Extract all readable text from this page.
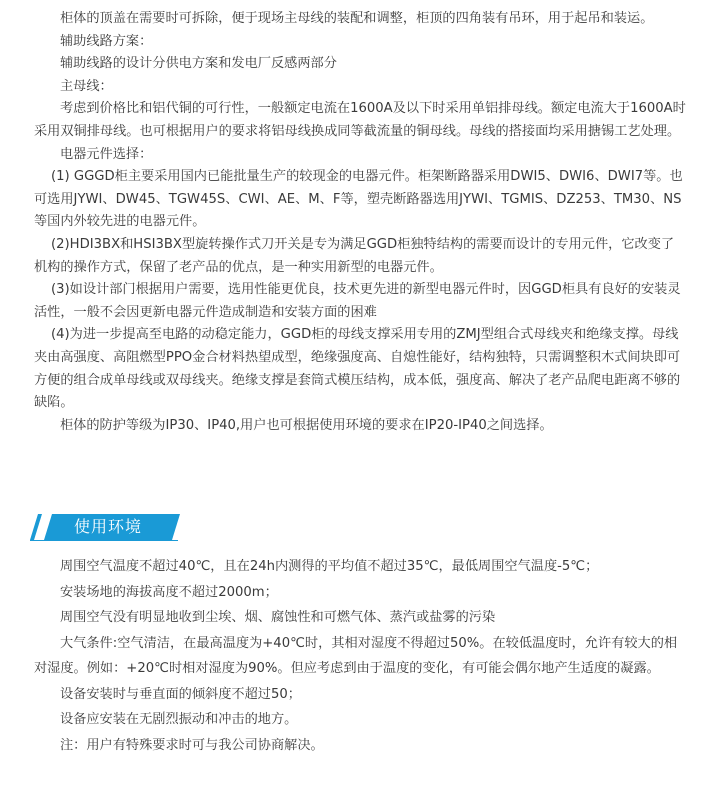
柜体的顶盖在需要时可拆除，便于现场主母线的装配和调整，柜顶的四角装有吊环，用于起吊和装运。

辅助线路方案：

辅助线路的设计分供电方案和发电厂反感两部分

主母线：

考虑到价格比和铝代铜的可行性，一般额定电流在1600A及以下时采用单铝排母线。额定电流大于1600A时采用双铜排母线。也可根据用户的要求将铝母线换成同等截流量的铜母线。母线的搭接面均采用搪锡工艺处理。

电器元件选择：

(1) GGGD柜主要采用国内已能批量生产的较现金的电器元件。柜架断路器采用DWI5、DWI6、DWI7等。也可选用JYWI、DW45、TGW45S、CWI、AE、M、F等，塑壳断路器选用JYWI、TGMIS、DZ253、TM30、NS等国内外较先进的电器元件。

(2)HDI3BX和HSI3BX型旋转操作式刀开关是专为满足GGD柜独特结构的需要而设计的专用元件，它改变了机构的操作方式，保留了老产品的优点，是一种实用新型的电器元件。

(3)如设计部门根据用户需要，选用性能更优良，技术更先进的新型电器元件时，因GGD柜具有良好的安装灵活性，一般不会因更新电器元件造成制造和安装方面的困难

(4)为进一步提高至电路的动稳定能力，GGD柜的母线支撑采用专用的ZMJ型组合式母线夹和绝缘支撑。母线夹由高强度、高阻燃型PPO金合材料热望成型，绝缘强度高、自熄性能好，结构独特，只需调整积木式间块即可方便的组合成单母线或双母线夹。绝缘支撑是套筒式模压结构，成本低，强度高、解决了老产品爬电距离不够的缺陷。

柜体的防护等级为IP30、IP40,用户也可根据使用环境的要求在IP20-IP40之间选择。

使用环境

周围空气温度不超过40℃，且在24h内测得的平均值不超过35℃，最低周围空气温度-5℃；

安装场地的海拔高度不超过2000m；

周围空气没有明显地收到尘埃、烟、腐蚀性和可燃气体、蒸汽或盐雾的污染

大气条件:空气清洁，在最高温度为+40℃时，其相对湿度不得超过50%。在较低温度时，允许有较大的相对湿度。例如：+20℃时相对湿度为90%。但应考虑到由于温度的变化，有可能会偶尔地产生适度的凝露。

设备安装时与垂直面的倾斜度不超过50；

设备应安装在无剧烈振动和冲击的地方。

注：用户有特殊要求时可与我公司协商解决。
